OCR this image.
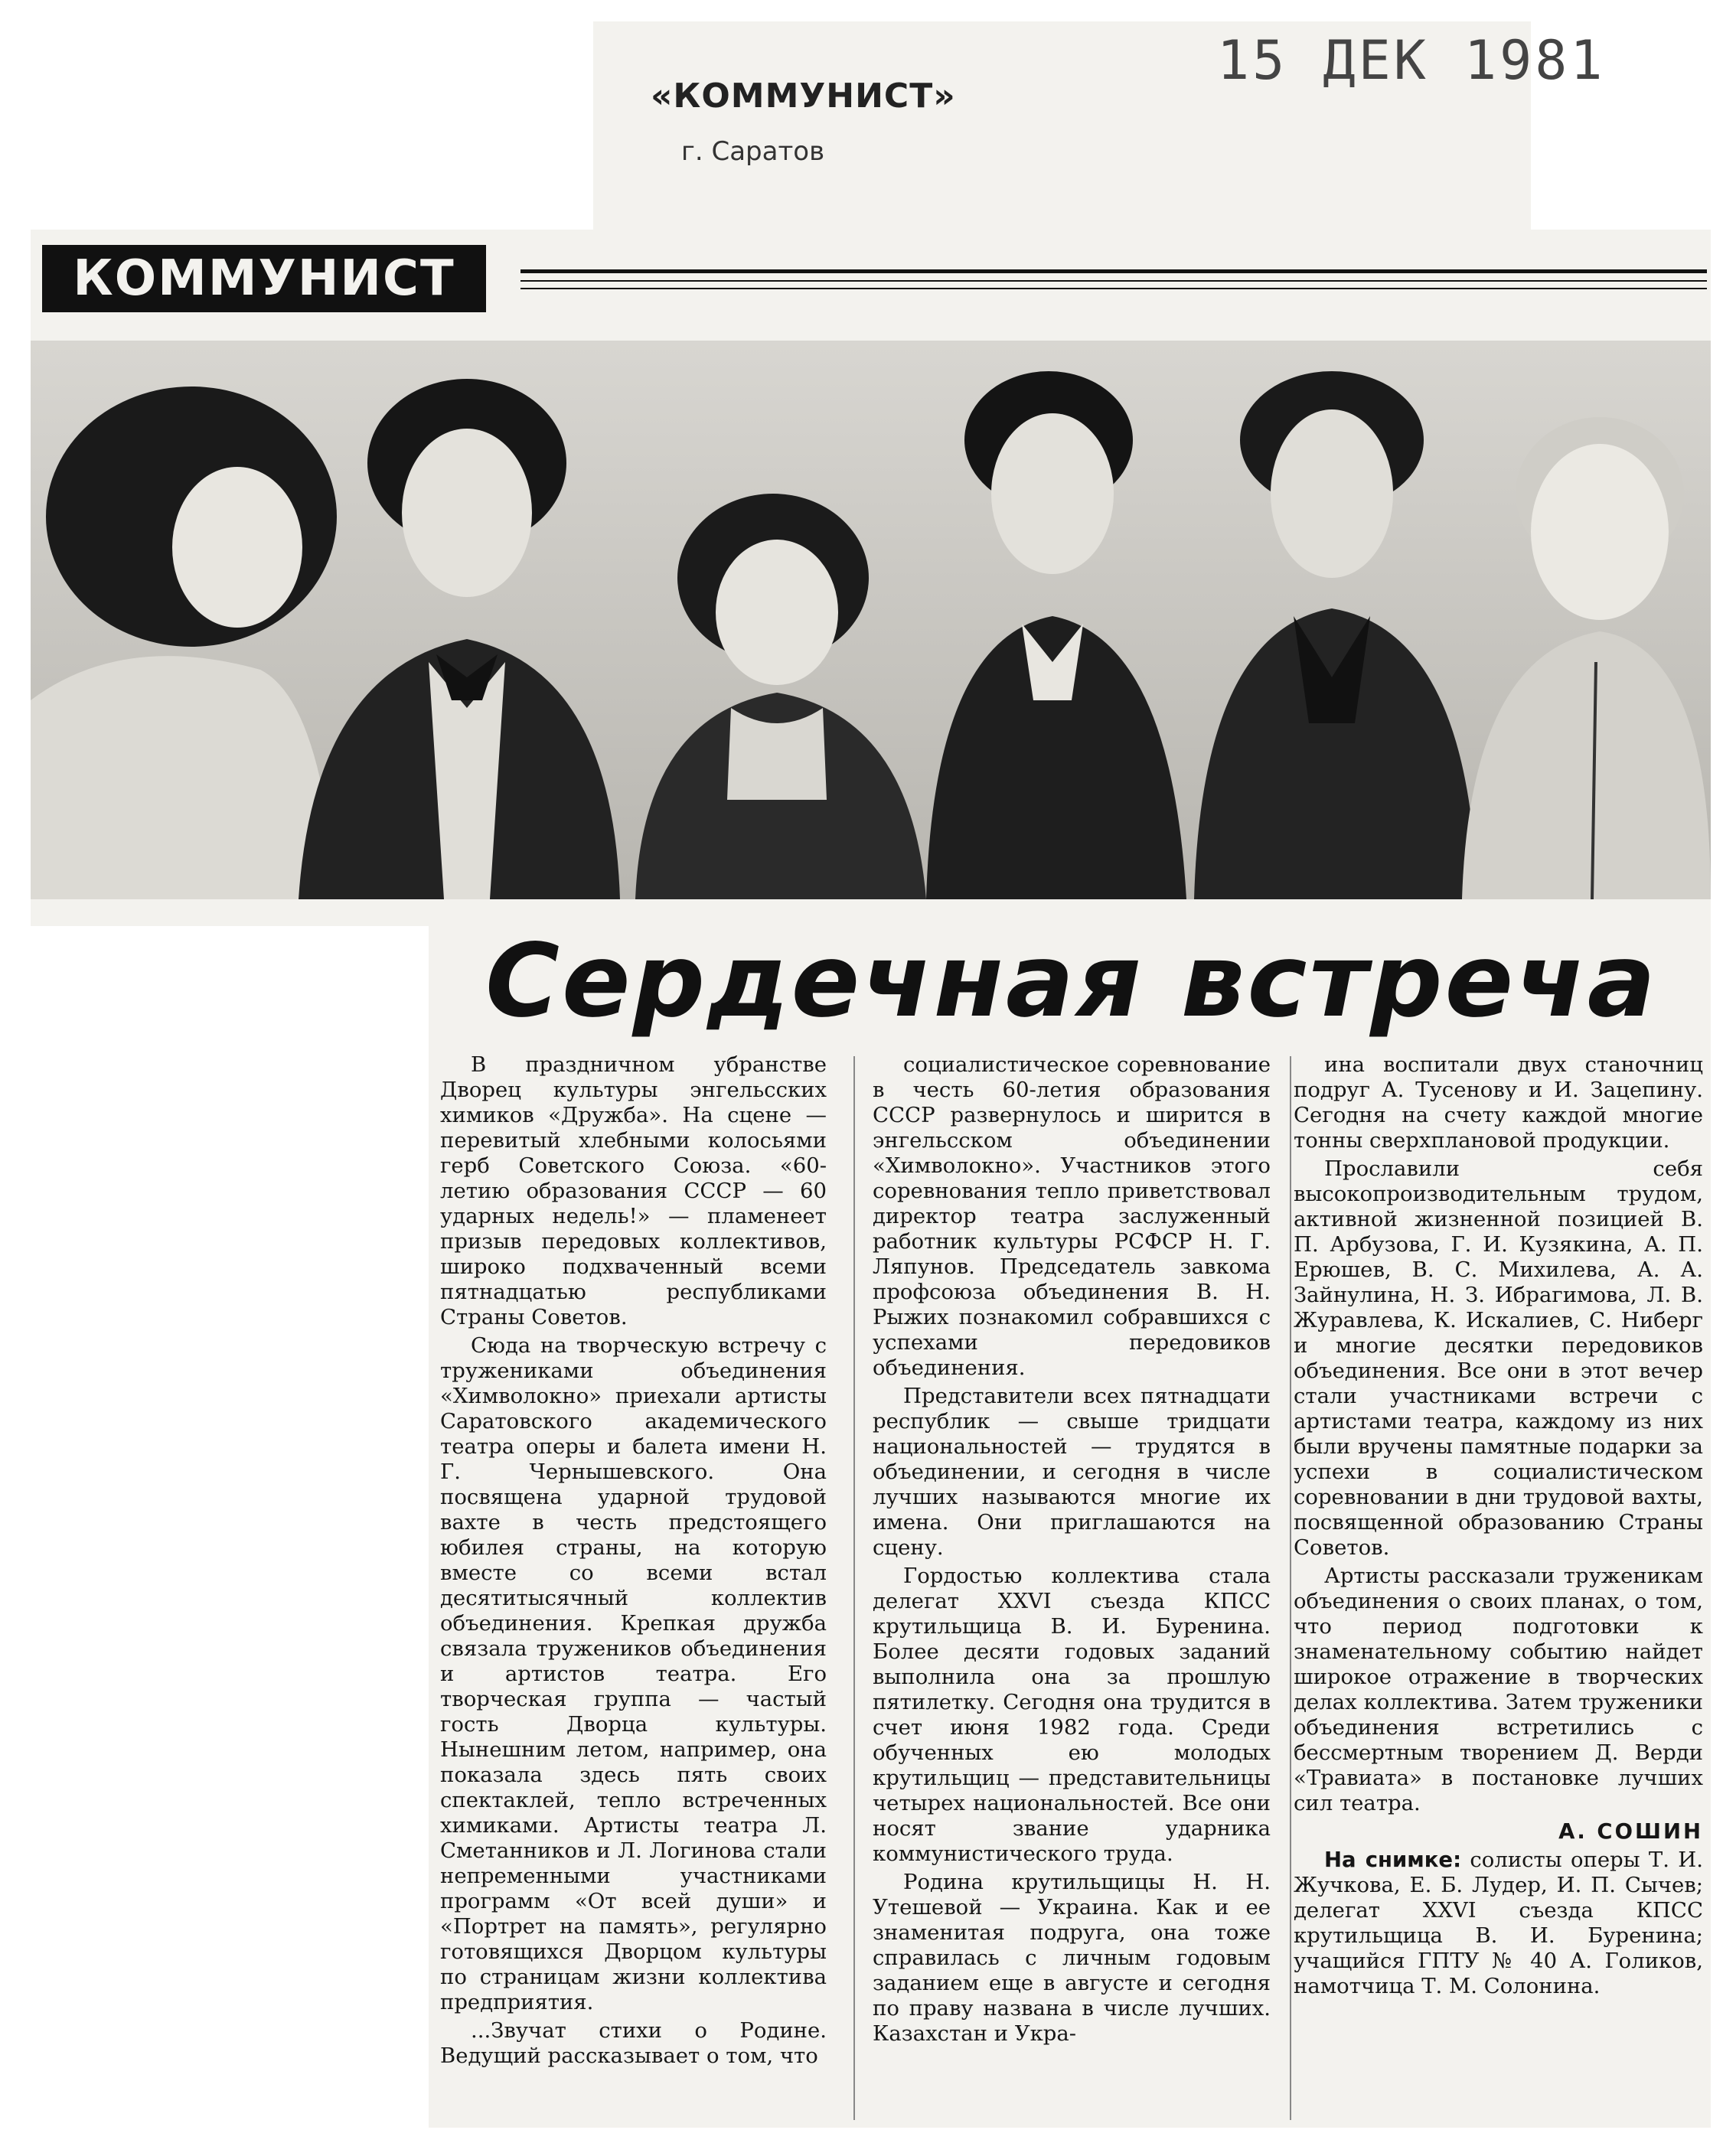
«КОММУНИСТ»
г. Саратов
15 ДЕК 1981
КОММУНИСТ
Сердечная встреча

В праздничном убранстве Дворец культуры энгельсских химиков «Дружба». На сцене — перевитый хлебными колосьями герб Советского Союза. «60-летию образования СССР — 60 ударных недель!» — пламенеет призыв передовых коллективов, широко подхваченный всеми пятнадцатью республиками Страны Советов.

Сюда на творческую встречу с тружениками объединения «Химволокно» приехали артисты Саратовского академического театра оперы и балета имени Н. Г. Чернышевского. Она посвящена ударной трудовой вахте в честь предстоящего юбилея страны, на которую вместе со всеми встал десятитысячный коллектив объединения. Крепкая дружба связала тружеников объединения и артистов театра. Его творческая группа — частый гость Дворца культуры. Нынешним летом, например, она показала здесь пять своих спектаклей, тепло встреченных химиками. Артисты театра Л. Сметанников и Л. Логинова стали непременными участниками программ «От всей души» и «Портрет на память», регулярно готовящихся Дворцом культуры по страницам жизни коллектива предприятия.

...Звучат стихи о Родине. Ведущий рассказывает о том, что

социалистическое соревнование в честь 60-летия образования СССР развернулось и ширится в энгельсском объединении «Химволокно». Участников этого соревнования тепло приветствовал директор театра заслуженный работник культуры РСФСР Н. Г. Ляпунов. Председатель завкома профсоюза объединения В. Н. Рыжих познакомил собравшихся с успехами передовиков объединения.

Представители всех пятнадцати республик — свыше тридцати национальностей — трудятся в объединении, и сегодня в числе лучших называются многие их имена. Они приглашаются на сцену.

Гордостью коллектива стала делегат XXVI съезда КПСС крутильщица В. И. Буренина. Более десяти годовых заданий выполнила она за прошлую пятилетку. Сегодня она трудится в счет июня 1982 года. Среди обученных ею молодых крутильщиц — представительницы четырех национальностей. Все они носят звание ударника коммунистического труда.

Родина крутильщицы Н. Н. Утешевой — Украина. Как и ее знаменитая подруга, она тоже справилась с личным годовым заданием еще в августе и сегодня по праву названа в числе лучших. Казахстан и Укра-

ина воспитали двух станочниц подруг А. Тусенову и И. Зацепину. Сегодня на счету каждой многие тонны сверхплановой продукции.

Прославили себя высокопроизводительным трудом, активной жизненной позицией В. П. Арбузова, Г. И. Кузякина, А. П. Ерюшев, В. С. Михилева, А. А. Зайнулина, Н. З. Ибрагимова, Л. В. Журавлева, К. Искалиев, С. Ниберг и многие десятки передовиков объединения. Все они в этот вечер стали участниками встречи с артистами театра, каждому из них были вручены памятные подарки за успехи в социалистическом соревновании в дни трудовой вахты, посвященной образованию Страны Советов.

Артисты рассказали труженикам объединения о своих планах, о том, что период подготовки к знаменательному событию найдет широкое отражение в творческих делах коллектива. Затем труженики объединения встретились с бессмертным творением Д. Верди «Травиата» в постановке лучших сил театра.

А. СОШИН

На снимке: солисты оперы Т. И. Жучкова, Е. Б. Лудер, И. П. Сычев; делегат XXVI съезда КПСС крутильщица В. И. Буренина; учащийся ГПТУ № 40 А. Голиков, намотчица Т. М. Солонина.
